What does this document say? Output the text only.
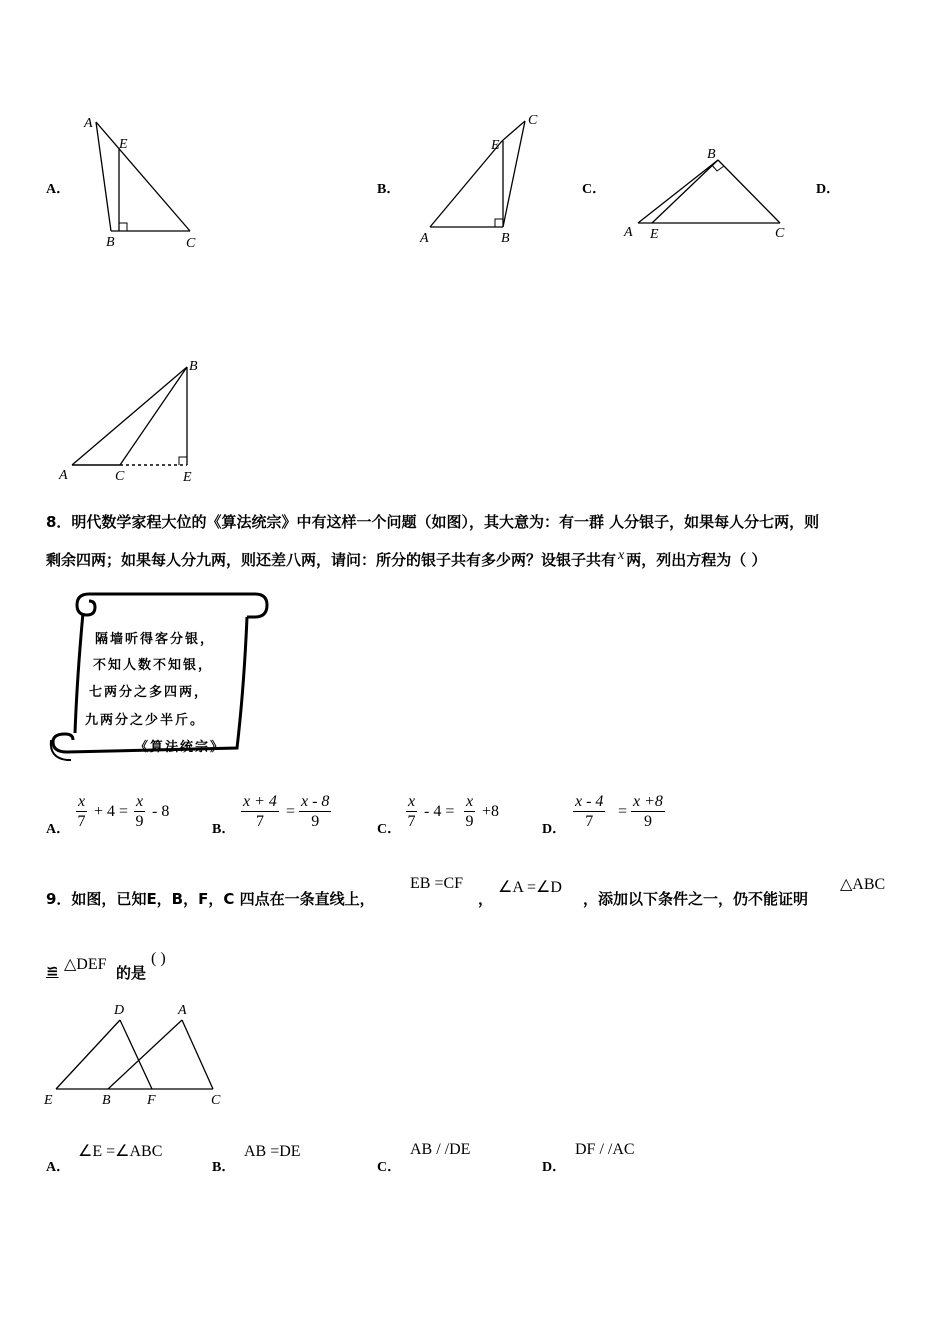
A．
A
E
B	C
B．
A
E
B
C
C．
A E
B
C
D．
A	C
B
E
8．明代数学家程大位的《算法统宗》中有这样一个问题（如图），其大意为：有一群 人分银子，如果每人分七两，则
剩余四两；如果每人分九两，则还差八两，请问：所分的银子共有多少两？设银子共有 x 两，列出方程为（ ）
隔墙听得客分银，
不知人数不知银，
七两分之多四两，
九两分之少半斤。
《算法统宗》
A． $\frac{x}{7} + 4 = \frac{x}{9} - 8$
B． $\frac{x + 4}{7} = \frac{x - 8}{9}$	C． $\frac{x}{7} - 4 = \frac{x}{9} +8$
D． $\frac{x - 4}{7} = \frac{x +8}{9}$
9．如图，已知E，B，F，C 四点在一条直线上，
EB =CF
，
∠A =∠D
，添加以下条件之一，仍不能证明
△ABC
≌ △DEF 的是
( )
D	A
E	B	F	C
A．
∠E =∠ABC
B．
AB =DE
C．
AB / /DE
D．
DF / /AC
